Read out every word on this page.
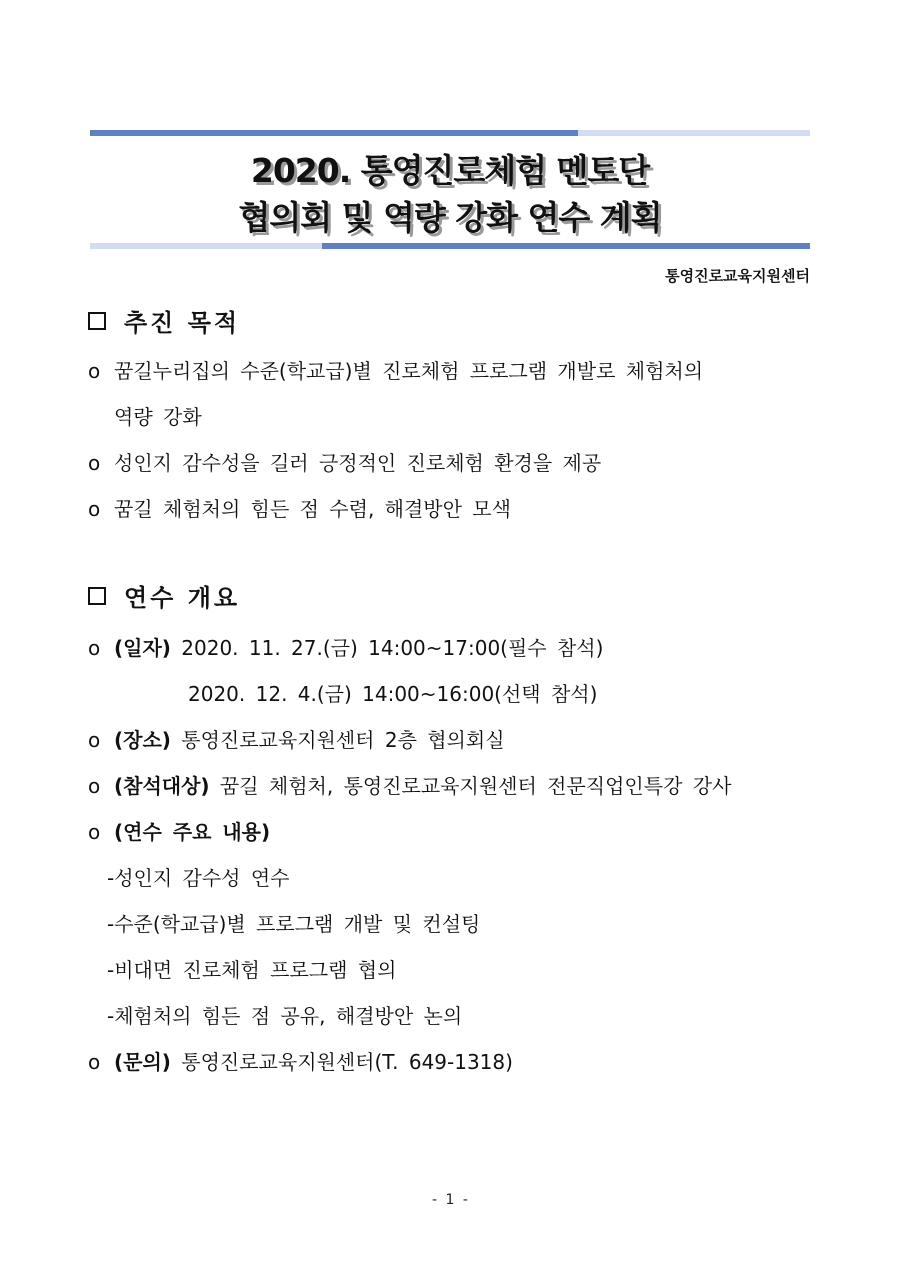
2020. 통영진로체험 멘토단
협의회 및 역량 강화 연수 계획
통영진로교육지원센터
추진 목적
o 꿈길누리집의 수준(학교급)별 진로체험 프로그램 개발로 체험처의
역량 강화
o 성인지 감수성을 길러 긍정적인 진로체험 환경을 제공
o 꿈길 체험처의 힘든 점 수렴, 해결방안 모색
연수 개요
o (일자) 2020. 11. 27.(금) 14:00~17:00(필수 참석)
2020. 12. 4.(금) 14:00~16:00(선택 참석)
o (장소) 통영진로교육지원센터 2층 협의회실
o (참석대상) 꿈길 체험처, 통영진로교육지원센터 전문직업인특강 강사
o (연수 주요 내용)
-성인지 감수성 연수
-수준(학교급)별 프로그램 개발 및 컨설팅
-비대면 진로체험 프로그램 협의
-체험처의 힘든 점 공유, 해결방안 논의
o (문의) 통영진로교육지원센터(T. 649-1318)
- 1 -
